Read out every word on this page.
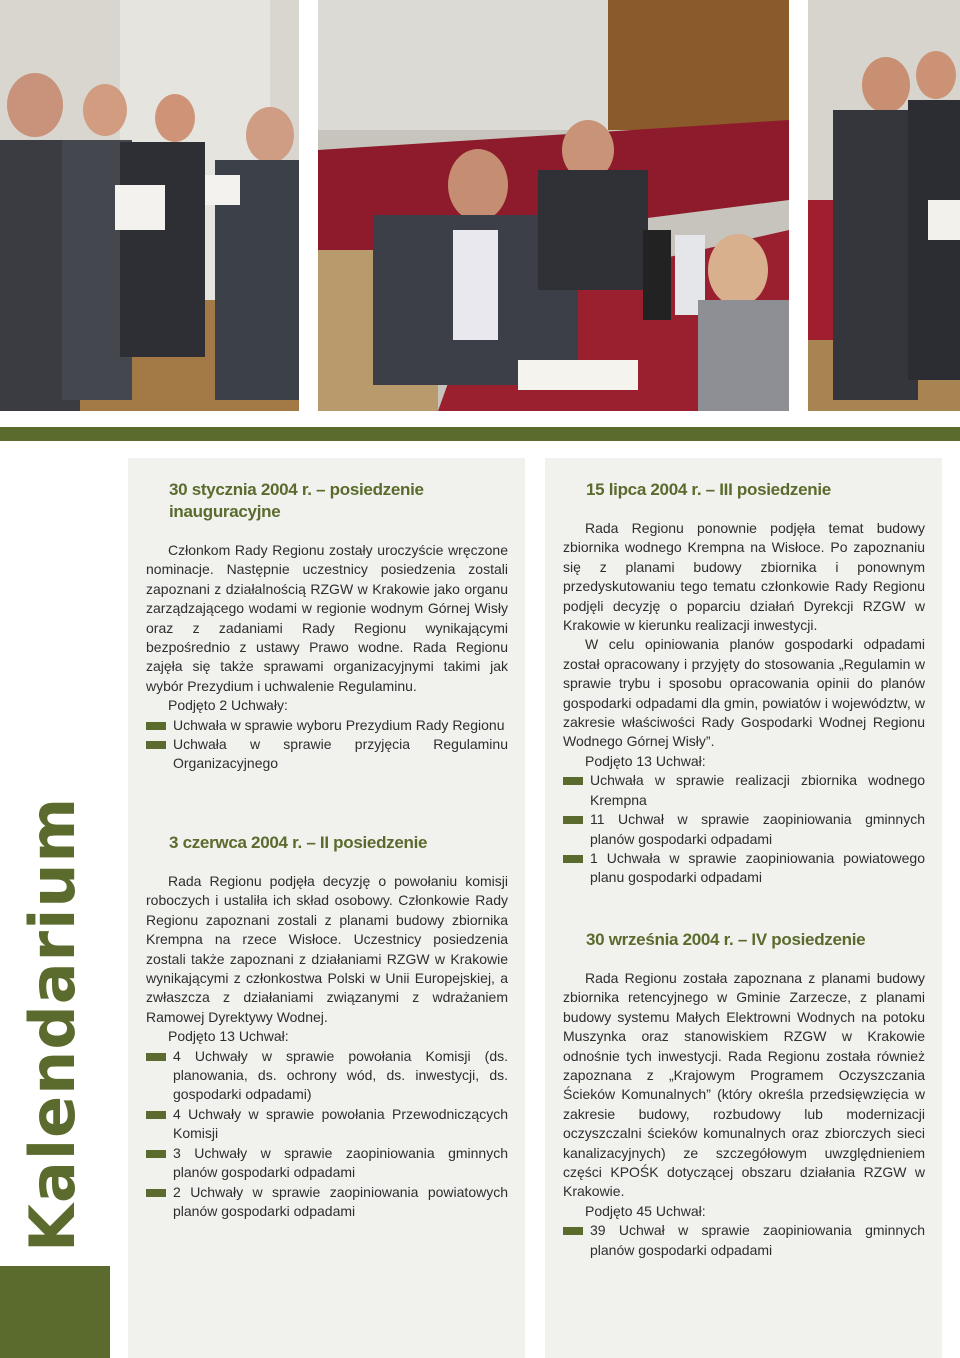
Kalendarium
30 stycznia 2004 r. – posiedzenie inauguracyjne

Członkom Rady Regionu zostały uroczyście wręczone nominacje. Następnie uczestnicy posiedzenia zostali zapoznani z działalnością RZGW w Krakowie jako organu zarządzającego wodami w regionie wodnym Górnej Wisły oraz z zadaniami Rady Regionu wynikającymi bezpośrednio z ustawy Prawo wodne. Rada Regionu zajęła się także sprawami organizacyjnymi takimi jak wybór Prezydium i uchwalenie Regulaminu.

Podjęto 2 Uchwały:

Uchwała w sprawie wyboru Prezydium Rady Regionu
Uchwała w sprawie przyjęcia Regulaminu Organizacyjnego
3 czerwca 2004 r. – II posiedzenie

Rada Regionu podjęła decyzję o powołaniu komisji roboczych i ustaliła ich skład osobowy. Członkowie Rady Regionu zapoznani zostali z planami budowy zbiornika Krempna na rzece Wisłoce. Uczestnicy posiedzenia zostali także zapoznani z działaniami RZGW w Krakowie wynikającymi z członkostwa Polski w Unii Europejskiej, a zwłaszcza z działaniami związanymi z wdrażaniem Ramowej Dyrektywy Wodnej.

Podjęto 13 Uchwał:

4 Uchwały w sprawie powołania Komisji (ds. planowania, ds. ochrony wód, ds. inwestycji, ds. gospodarki odpadami)
4 Uchwały w sprawie powołania Przewodniczących Komisji
3 Uchwały w sprawie zaopiniowania gminnych planów gospodarki odpadami
2 Uchwały w sprawie zaopiniowania powiatowych planów gospodarki odpadami
15 lipca 2004 r. – III posiedzenie

Rada Regionu ponownie podjęła temat budowy zbiornika wodnego Krempna na Wisłoce. Po zapoznaniu się z planami budowy zbiornika i ponownym przedyskutowaniu tego tematu członkowie Rady Regionu podjęli decyzję o poparciu działań Dyrekcji RZGW w Krakowie w kierunku realizacji inwestycji.

W celu opiniowania planów gospodarki odpadami został opracowany i przyjęty do stosowania „Regulamin w sprawie trybu i sposobu opracowania opinii do planów gospodarki odpadami dla gmin, powiatów i województw, w zakresie właściwości Rady Gospodarki Wodnej Regionu Wodnego Górnej Wisły”.

Podjęto 13 Uchwał:

Uchwała w sprawie realizacji zbiornika wodnego Krempna
11 Uchwał w sprawie zaopiniowania gminnych planów gospodarki odpadami
1 Uchwała w sprawie zaopiniowania powiatowego planu gospodarki odpadami
30 września 2004 r. – IV posiedzenie

Rada Regionu została zapoznana z planami budowy zbiornika retencyjnego w Gminie Zarzecze, z planami budowy systemu Małych Elektrowni Wodnych na potoku Muszynka oraz stanowiskiem RZGW w Krakowie odnośnie tych inwestycji. Rada Regionu została również zapoznana z „Krajowym Programem Oczyszczania Ścieków Komunalnych” (który określa przedsięwzięcia w zakresie budowy, rozbudowy lub modernizacji oczyszczalni ścieków komunalnych oraz zbiorczych sieci kanalizacyjnych) ze szczegółowym uwzględnieniem części KPOŚK dotyczącej obszaru działania RZGW w Krakowie.

Podjęto 45 Uchwał:

39 Uchwał w sprawie zaopiniowania gminnych planów gospodarki odpadami
